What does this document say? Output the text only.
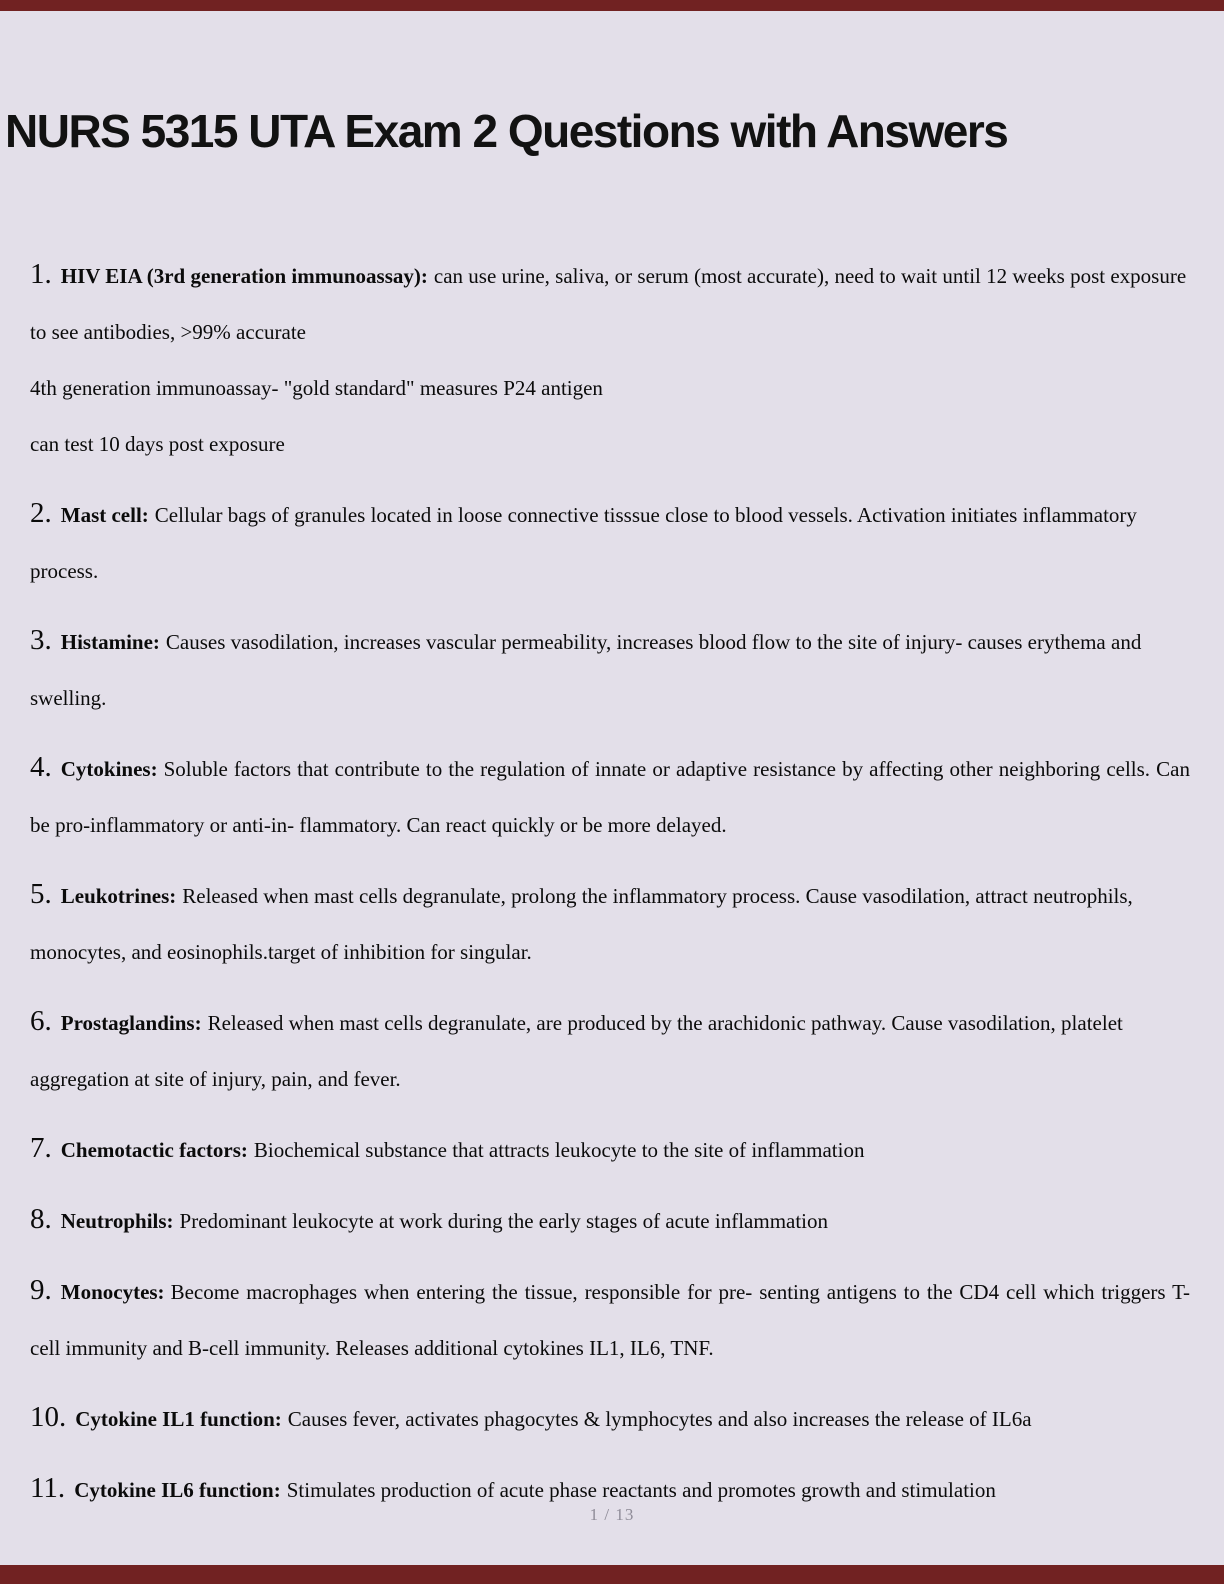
NURS 5315 UTA Exam 2 Questions with Answers

1. HIV EIA (3rd generation immunoassay): can use urine, saliva, or serum (most accurate), need to wait until 12 weeks post exposure to see antibodies, >99% accurate
4th generation immunoassay- "gold standard" measures P24 antigen
can test 10 days post exposure

2. Mast cell: Cellular bags of granules located in loose connective tisssue close to blood vessels. Activation initiates inflammatory process.

3. Histamine: Causes vasodilation, increases vascular permeability, increases blood flow to the site of injury- causes erythema and swelling.

4. Cytokines: Soluble factors that contribute to the regulation of innate or adaptive resistance by affecting other neighboring cells. Can be pro-inflammatory or anti-in- flammatory. Can react quickly or be more delayed.

5. Leukotrines: Released when mast cells degranulate, prolong the inflammatory process. Cause vasodilation, attract neutrophils, monocytes, and eosinophils.target of inhibition for singular.

6. Prostaglandins: Released when mast cells degranulate, are produced by the arachidonic pathway. Cause vasodilation, platelet aggregation at site of injury, pain, and fever.

7. Chemotactic factors: Biochemical substance that attracts leukocyte to the site of inflammation

8. Neutrophils: Predominant leukocyte at work during the early stages of acute inflammation

9. Monocytes: Become macrophages when entering the tissue, responsible for pre- senting antigens to the CD4 cell which triggers T-cell immunity and B-cell immunity. Releases additional cytokines IL1, IL6, TNF.

10. Cytokine IL1 function: Causes fever, activates phagocytes & lymphocytes and also increases the release of IL6a

11. Cytokine IL6 function: Stimulates production of acute phase reactants and promotes growth and stimulation

1 / 13
